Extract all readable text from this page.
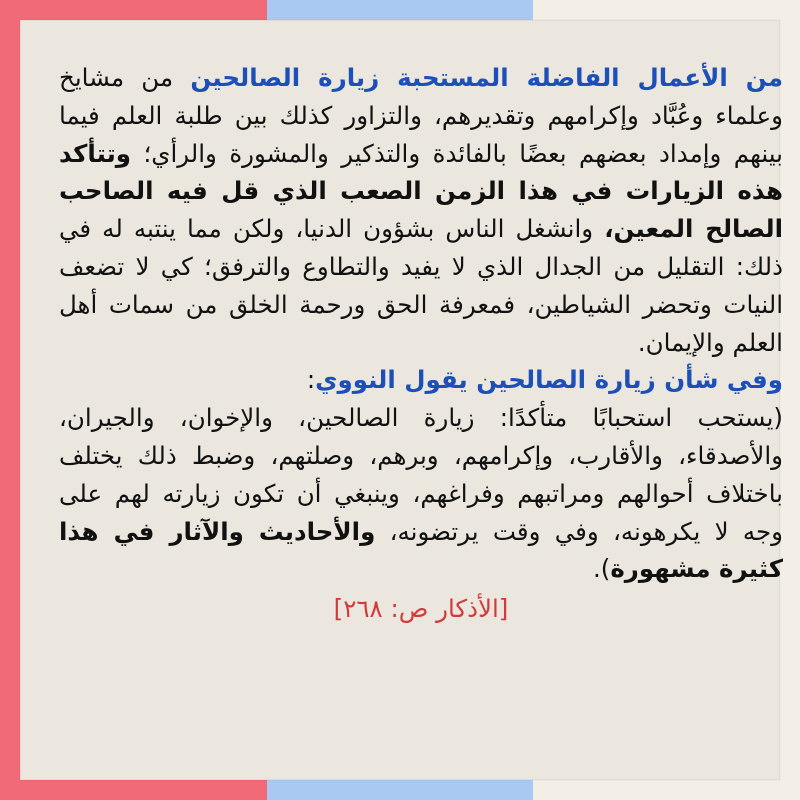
من الأعمال الفاضلة المستحبة زيارة الصالحين من مشايخ وعلماء وعُبَّاد وإكرامهم وتقديرهم، والتزاور كذلك بين طلبة العلم فيما بينهم وإمداد بعضهم بعضًا بالفائدة والتذكير والمشورة والرأي؛ وتتأكد هذه الزيارات في هذا الزمن الصعب الذي قل فيه الصاحب الصالح المعين، وانشغل الناس بشؤون الدنيا، ولكن مما ينتبه له في ذلك: التقليل من الجدال الذي لا يفيد والتطاوع والترفق؛ كي لا تضعف النيات وتحضر الشياطين، فمعرفة الحق ورحمة الخلق من سمات أهل العلم والإيمان.

وفي شأن زيارة الصالحين يقول النووي:

(يستحب استحبابًا متأكدًا: زيارة الصالحين، والإخوان، والجيران، والأصدقاء، والأقارب، وإكرامهم، وبرهم، وصلتهم، وضبط ذلك يختلف باختلاف أحوالهم ومراتبهم وفراغهم، وينبغي أن تكون زيارته لهم على وجه لا يكرهونه، وفي وقت يرتضونه، والأحاديث والآثار في هذا كثيرة مشهورة).

[الأذكار ص: ٢٦٨]
